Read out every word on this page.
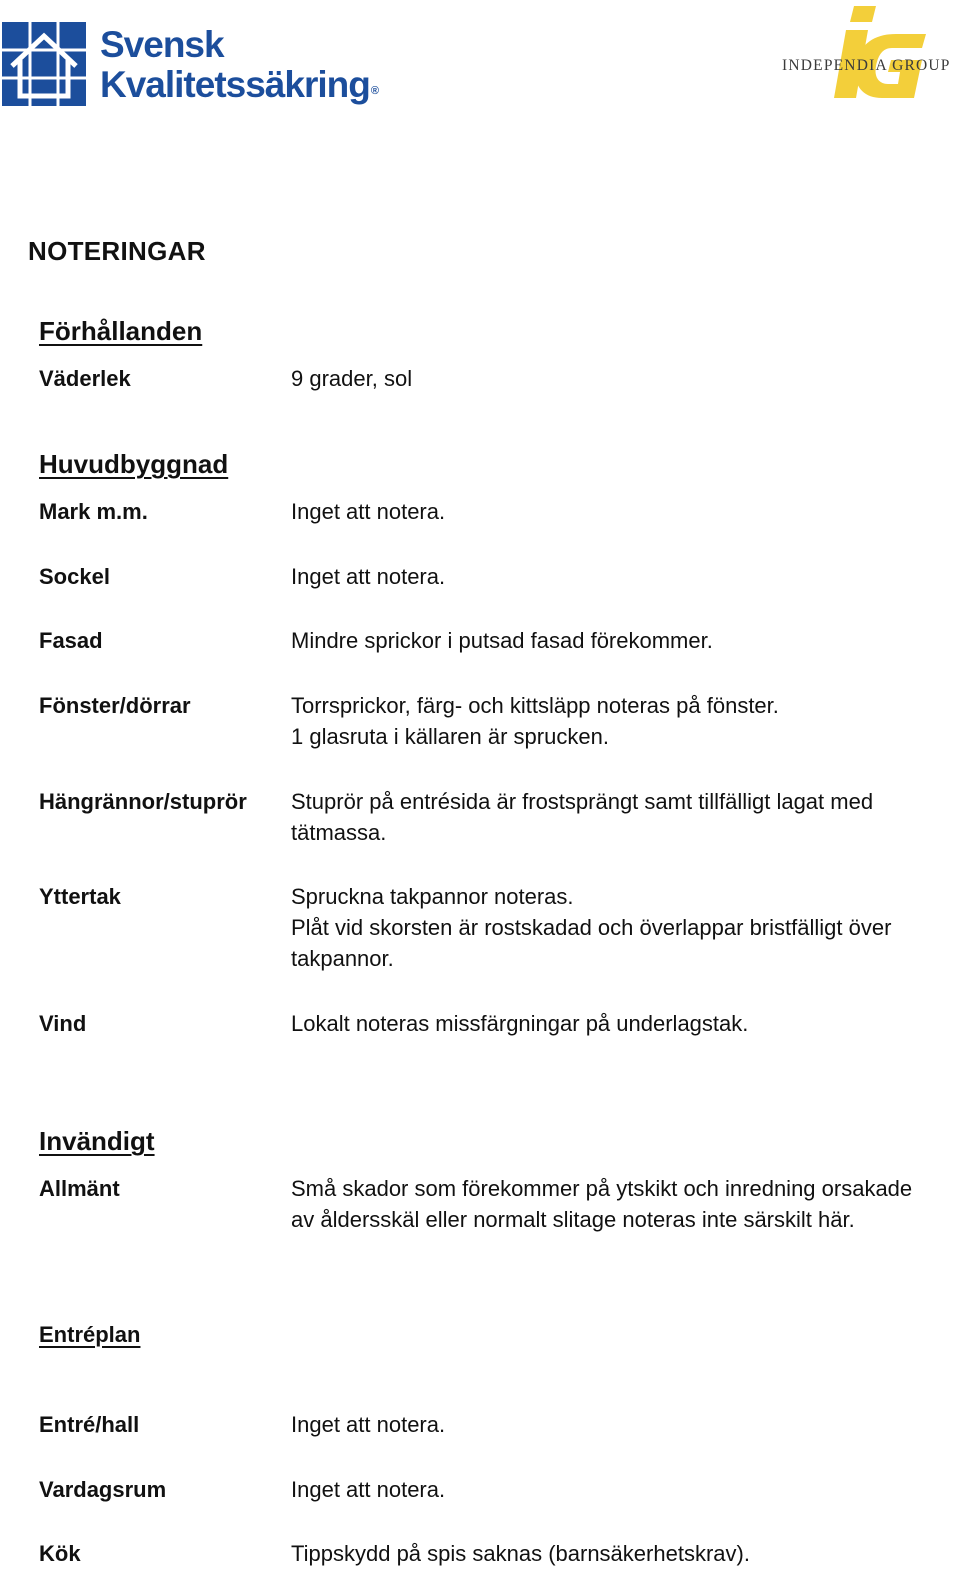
Svensk
Kvalitetssäkring®
INDEPENDIA GROUP
NOTERINGAR
Förhållanden
Väderlek	9 grader, sol
Huvudbyggnad
Mark m.m.	Inget att notera.
Sockel	Inget att notera.
Fasad	Mindre sprickor i putsad fasad förekommer.
Fönster/dörrar	Torrsprickor, färg- och kittsläpp noteras på fönster.
1 glasruta i källaren är sprucken.
Hängrännor/stuprör Stuprör på entrésida är frostsprängt samt tillfälligt lagat med
tätmassa.
Yttertak	Spruckna takpannor noteras.
Plåt vid skorsten är rostskadad och överlappar bristfälligt över
takpannor.
Vind	Lokalt noteras missfärgningar på underlagstak.
Invändigt
Allmänt	Små skador som förekommer på ytskikt och inredning orsakade
av åldersskäl eller normalt slitage noteras inte särskilt här.
Entréplan
Entré/hall	Inget att notera.
Vardagsrum	Inget att notera.
Kök	Tippskydd på spis saknas (barnsäkerhetskrav).
